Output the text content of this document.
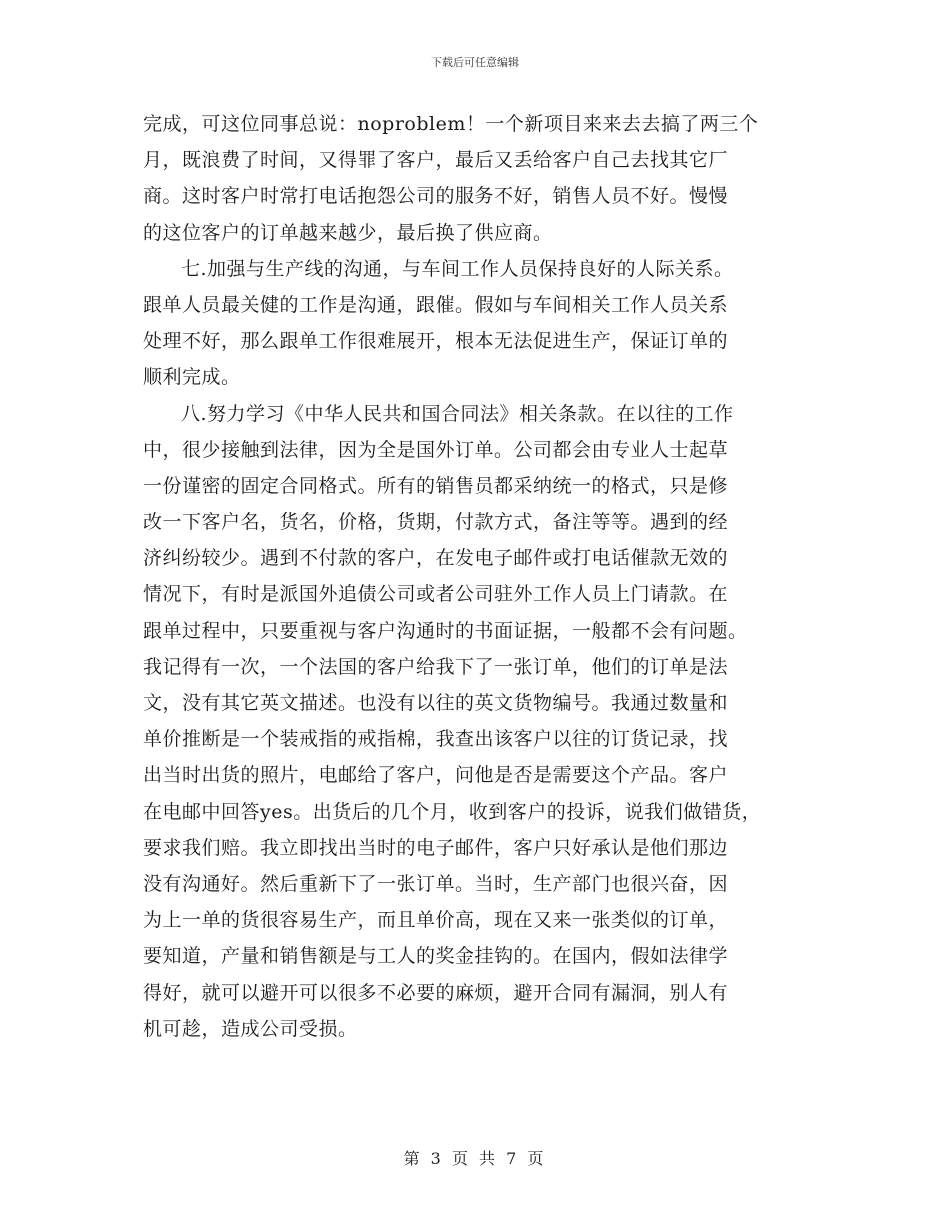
下载后可任意编辑
完成，可这位同事总说：noproblem！一个新项目来来去去搞了两三个
月，既浪费了时间，又得罪了客户，最后又丢给客户自己去找其它厂
商。这时客户时常打电话抱怨公司的服务不好，销售人员不好。慢慢
的这位客户的订单越来越少，最后换了供应商。
七.加强与生产线的沟通，与车间工作人员保持良好的人际关系。
跟单人员最关健的工作是沟通，跟催。假如与车间相关工作人员关系
处理不好，那么跟单工作很难展开，根本无法促进生产，保证订单的
顺利完成。
八.努力学习《中华人民共和国合同法》相关条款。在以往的工作
中，很少接触到法律，因为全是国外订单。公司都会由专业人士起草
一份谨密的固定合同格式。所有的销售员都采纳统一的格式，只是修
改一下客户名，货名，价格，货期，付款方式，备注等等。遇到的经
济纠纷较少。遇到不付款的客户，在发电子邮件或打电话催款无效的
情况下，有时是派国外追债公司或者公司驻外工作人员上门请款。在
跟单过程中，只要重视与客户沟通时的书面证据，一般都不会有问题。
我记得有一次，一个法国的客户给我下了一张订单，他们的订单是法
文，没有其它英文描述。也没有以往的英文货物编号。我通过数量和
单价推断是一个装戒指的戒指棉，我查出该客户以往的订货记录，找
出当时出货的照片，电邮给了客户，问他是否是需要这个产品。客户
在电邮中回答yes。出货后的几个月，收到客户的投诉，说我们做错货，
要求我们赔。我立即找出当时的电子邮件，客户只好承认是他们那边
没有沟通好。然后重新下了一张订单。当时，生产部门也很兴奋，因
为上一单的货很容易生产，而且单价高，现在又来一张类似的订单，
要知道，产量和销售额是与工人的奖金挂钩的。在国内，假如法律学
得好，就可以避开可以很多不必要的麻烦，避开合同有漏洞，别人有
机可趁，造成公司受损。
第 3 页 共 7 页
